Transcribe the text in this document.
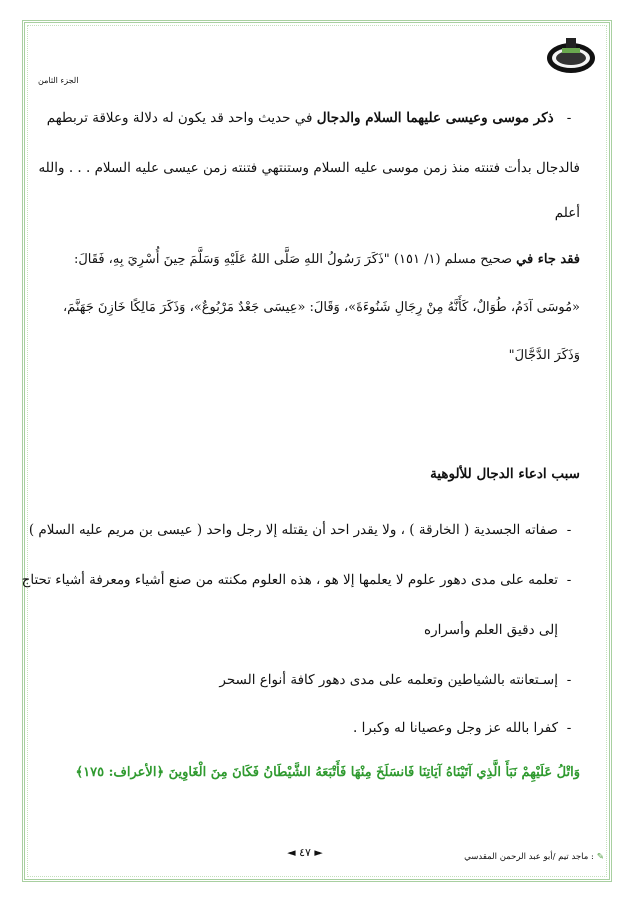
الجزء الثامن
- ذكر موسى وعيسى عليهما السلام والدجال في حديث واحد قد يكون له دلالة وعلاقة تربطهم
فالدجال بدأت فتنته منذ زمن موسى عليه السلام وستنتهي فتنته زمن عيسى عليه السلام . . . والله
أعلم
فقد جاء في صحيح مسلم (١/ ١٥١) "ذَكَرَ رَسُولُ اللهِ صَلَّى اللهُ عَلَيْهِ وَسَلَّمَ حِينَ أُسْرِيَ بِهِ، فَقَالَ:
«مُوسَى آدَمُ، طُوَالٌ، كَأَنَّهُ مِنْ رِجَالِ شَنُوءَةَ»، وَقَالَ: «عِيسَى جَعْدٌ مَرْبُوعٌ»، وَذَكَرَ مَالِكًا خَازِنَ جَهَنَّمَ،
وَذَكَرَ الدَّجَّالَ"
سبب ادعاء الدجال للألوهية
-صفاته الجسدية ( الخارقة ) ، ولا يقدر احد أن يقتله إلا رجل واحد ( عيسى بن مريم عليه السلام )
-تعلمه على مدى دهور علوم لا يعلمها إلا هو ، هذه العلوم مكنته من صنع أشياء ومعرفة أشياء تحتاج
إلى دقيق العلم وأسراره
-إسـتعانته بالشياطين وتعلمه على مدى دهور كافة أنواع السحر
-كفرا بالله عز وجل وعصيانا له وكبرا .
وَاتْلُ عَلَيْهِمْ نَبَأَ الَّذِي آتَيْنَاهُ آيَاتِنَا فَانسَلَخَ مِنْهَا فَأَتْبَعَهُ الشَّيْطَانُ فَكَانَ مِنَ الْغَاوِينَ ﴿الأعراف: ١٧٥﴾
◄ ٤٧ ►	✎: ماجد تيم /أبو عبد الرحمن المقدسي
